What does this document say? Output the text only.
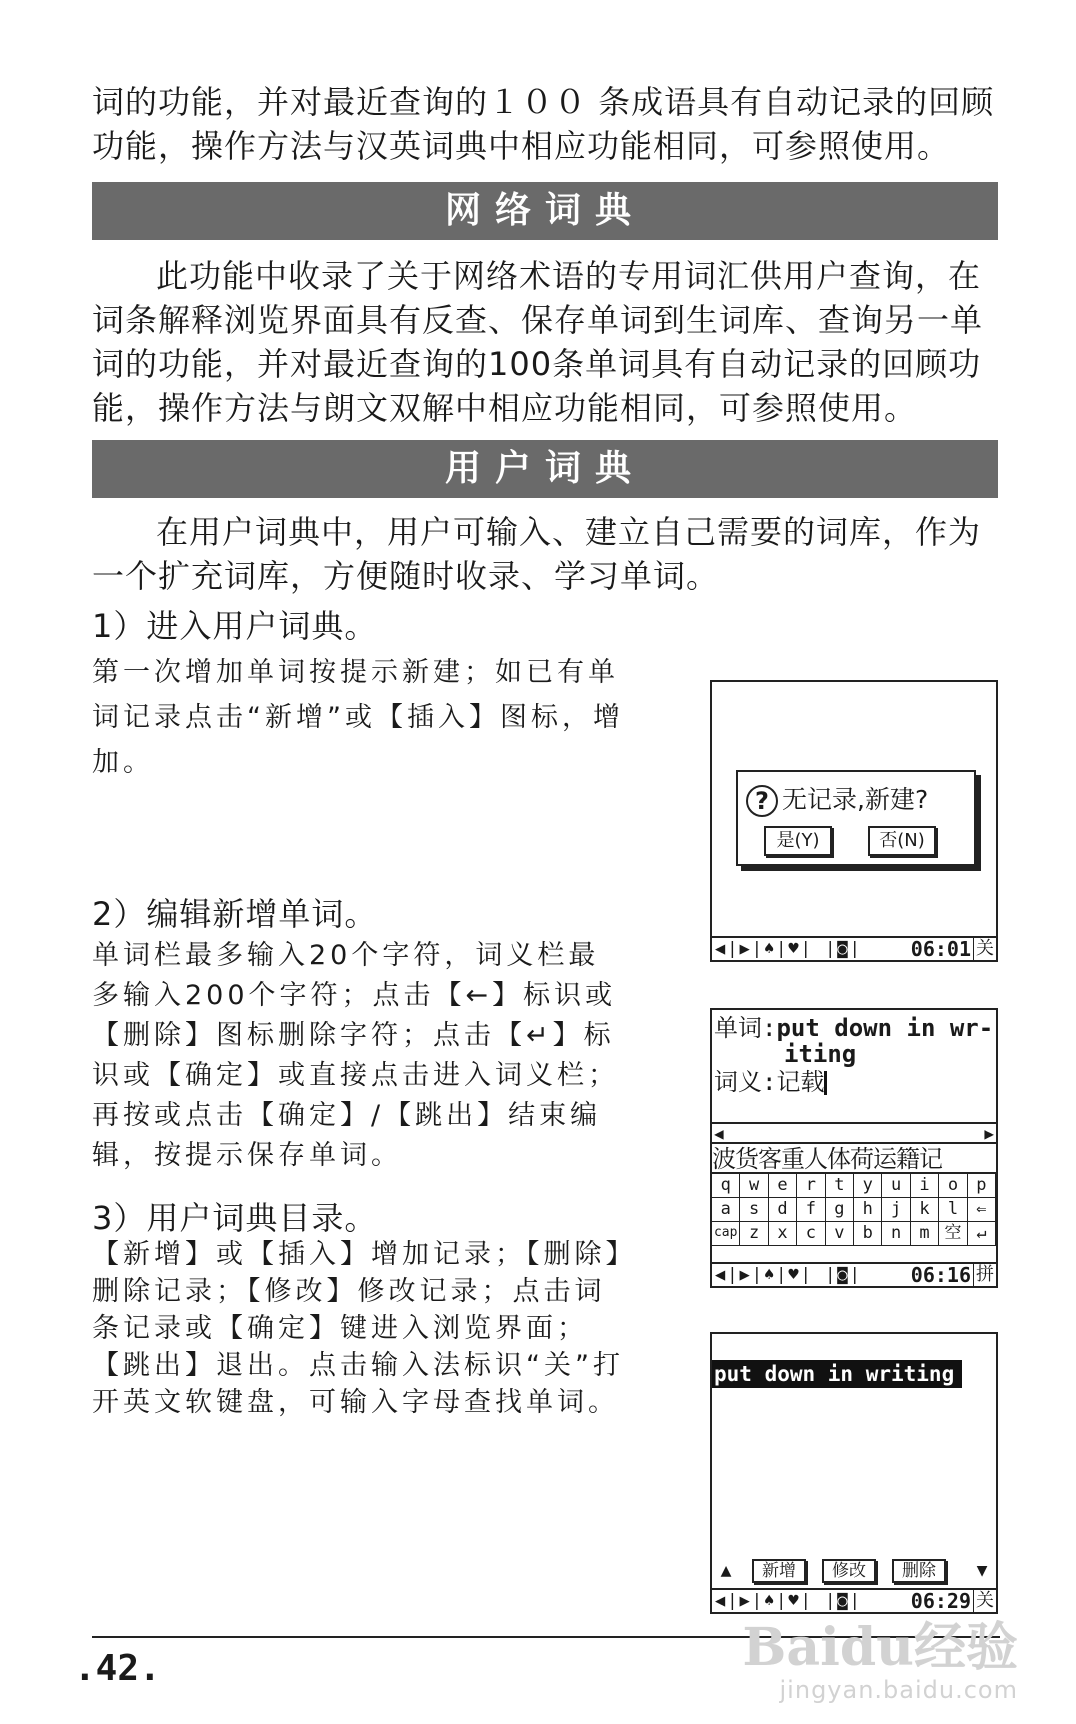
词的功能，并对最近查询的１００ 条成语具有自动记录的回顾
功能，操作方法与汉英词典中相应功能相同，可参照使用。
网络词典
此功能中收录了关于网络术语的专用词汇供用户查询，在词条解释浏览界面具有反查、保存单词到生词库、查询另一单词的功能，并对最近查询的100条单词具有自动记录的回顾功能，操作方法与朗文双解中相应功能相同，可参照使用。
用户词典
在用户词典中，用户可输入、建立自己需要的词库，作为一个扩充词库，方便随时收录、学习单词。
1）进入用户词典。
第一次增加单词按提示新建；如已有单词记录点击“新增”或【插入】图标，增加。
2）编辑新增单词。
单词栏最多输入20个字符，词义栏最多输入200个字符；点击【←】标识或【删除】图标删除字符；点击【↵】标识或【确定】或直接点击进入词义栏；再按或点击【确定】/【跳出】结束编辑，按提示保存单词。
3）用户词典目录。
【新增】或【插入】增加记录；【删除】删除记录；【修改】修改记录；点击词条记录或【确定】键进入浏览界面；【跳出】退出。点击输入法标识“关”打开英文软键盘，可输入字母查找单词。
? 无记录,新建?
是(Y)	否(N)
◀|▶|♠|♥| |◙|	06:01 关
单词:put down in wr-
iting
词义:记载
◀	▶
波货客重人体荷运籍记
q	w	e	r	t	y	u	i	o	p
a	s	d	f	g	h	j	k	l	⇐
cap z	x	c	v	b	n	m 空 ↵
◀|▶|♠|♥| |◙|	06:16 拼
put down in writing
▲	新增	修改	删除	▼
◀|▶|♠|♥| |◙|	06:29 关
.42.	Baidu经验
jingyan.baidu.com
